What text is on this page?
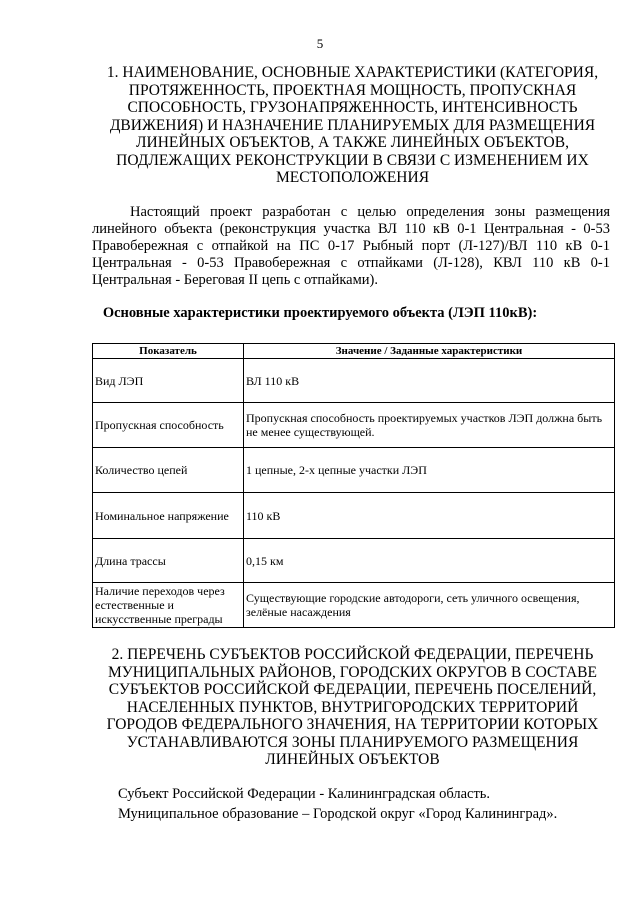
5
1. НАИМЕНОВАНИЕ, ОСНОВНЫЕ ХАРАКТЕРИСТИКИ (КАТЕГОРИЯ, ПРОТЯЖЕННОСТЬ, ПРОЕКТНАЯ МОЩНОСТЬ, ПРОПУСКНАЯ СПОСОБНОСТЬ, ГРУЗОНАПРЯЖЕННОСТЬ, ИНТЕНСИВНОСТЬ ДВИЖЕНИЯ) И НАЗНАЧЕНИЕ ПЛАНИРУЕМЫХ ДЛЯ РАЗМЕЩЕНИЯ ЛИНЕЙНЫХ ОБЪЕКТОВ, А ТАКЖЕ ЛИНЕЙНЫХ ОБЪЕКТОВ, ПОДЛЕЖАЩИХ РЕКОНСТРУКЦИИ В СВЯЗИ С ИЗМЕНЕНИЕМ ИХ МЕСТОПОЛОЖЕНИЯ
Настоящий проект разработан с целью определения зоны размещения линейного объекта (реконструкция участка ВЛ 110 кВ 0-1 Центральная - 0-53 Правобережная с отпайкой на ПС 0-17 Рыбный порт (Л-127)/ВЛ 110 кВ 0-1 Центральная - 0-53 Правобережная с отпайками (Л-128), КВЛ 110 кВ 0-1 Центральная - Береговая II цепь с отпайками).
Основные характеристики проектируемого объекта (ЛЭП 110кВ):
Показатель	Значение / Заданные характеристики
Вид ЛЭП	ВЛ 110 кВ
Пропускная способность	Пропускная способность проектируемых участков ЛЭП должна быть не менее существующей.
Количество цепей	1 цепные, 2-х цепные участки ЛЭП
Номинальное напряжение	110 кВ
Длина трассы	0,15 км
Наличие переходов через естественные и искусственные преграды	Существующие городские автодороги, сеть уличного освещения, зелёные насаждения
2. ПЕРЕЧЕНЬ СУБЪЕКТОВ РОССИЙСКОЙ ФЕДЕРАЦИИ, ПЕРЕЧЕНЬ МУНИЦИПАЛЬНЫХ РАЙОНОВ, ГОРОДСКИХ ОКРУГОВ В СОСТАВЕ СУБЪЕКТОВ РОССИЙСКОЙ ФЕДЕРАЦИИ, ПЕРЕЧЕНЬ ПОСЕЛЕНИЙ, НАСЕЛЕННЫХ ПУНКТОВ, ВНУТРИГОРОДСКИХ ТЕРРИТОРИЙ ГОРОДОВ ФЕДЕРАЛЬНОГО ЗНАЧЕНИЯ, НА ТЕРРИТОРИИ КОТОРЫХ УСТАНАВЛИВАЮТСЯ ЗОНЫ ПЛАНИРУЕМОГО РАЗМЕЩЕНИЯ ЛИНЕЙНЫХ ОБЪЕКТОВ
Субъект Российской Федерации - Калининградская область.
Муниципальное образование – Городской округ «Город Калининград».
